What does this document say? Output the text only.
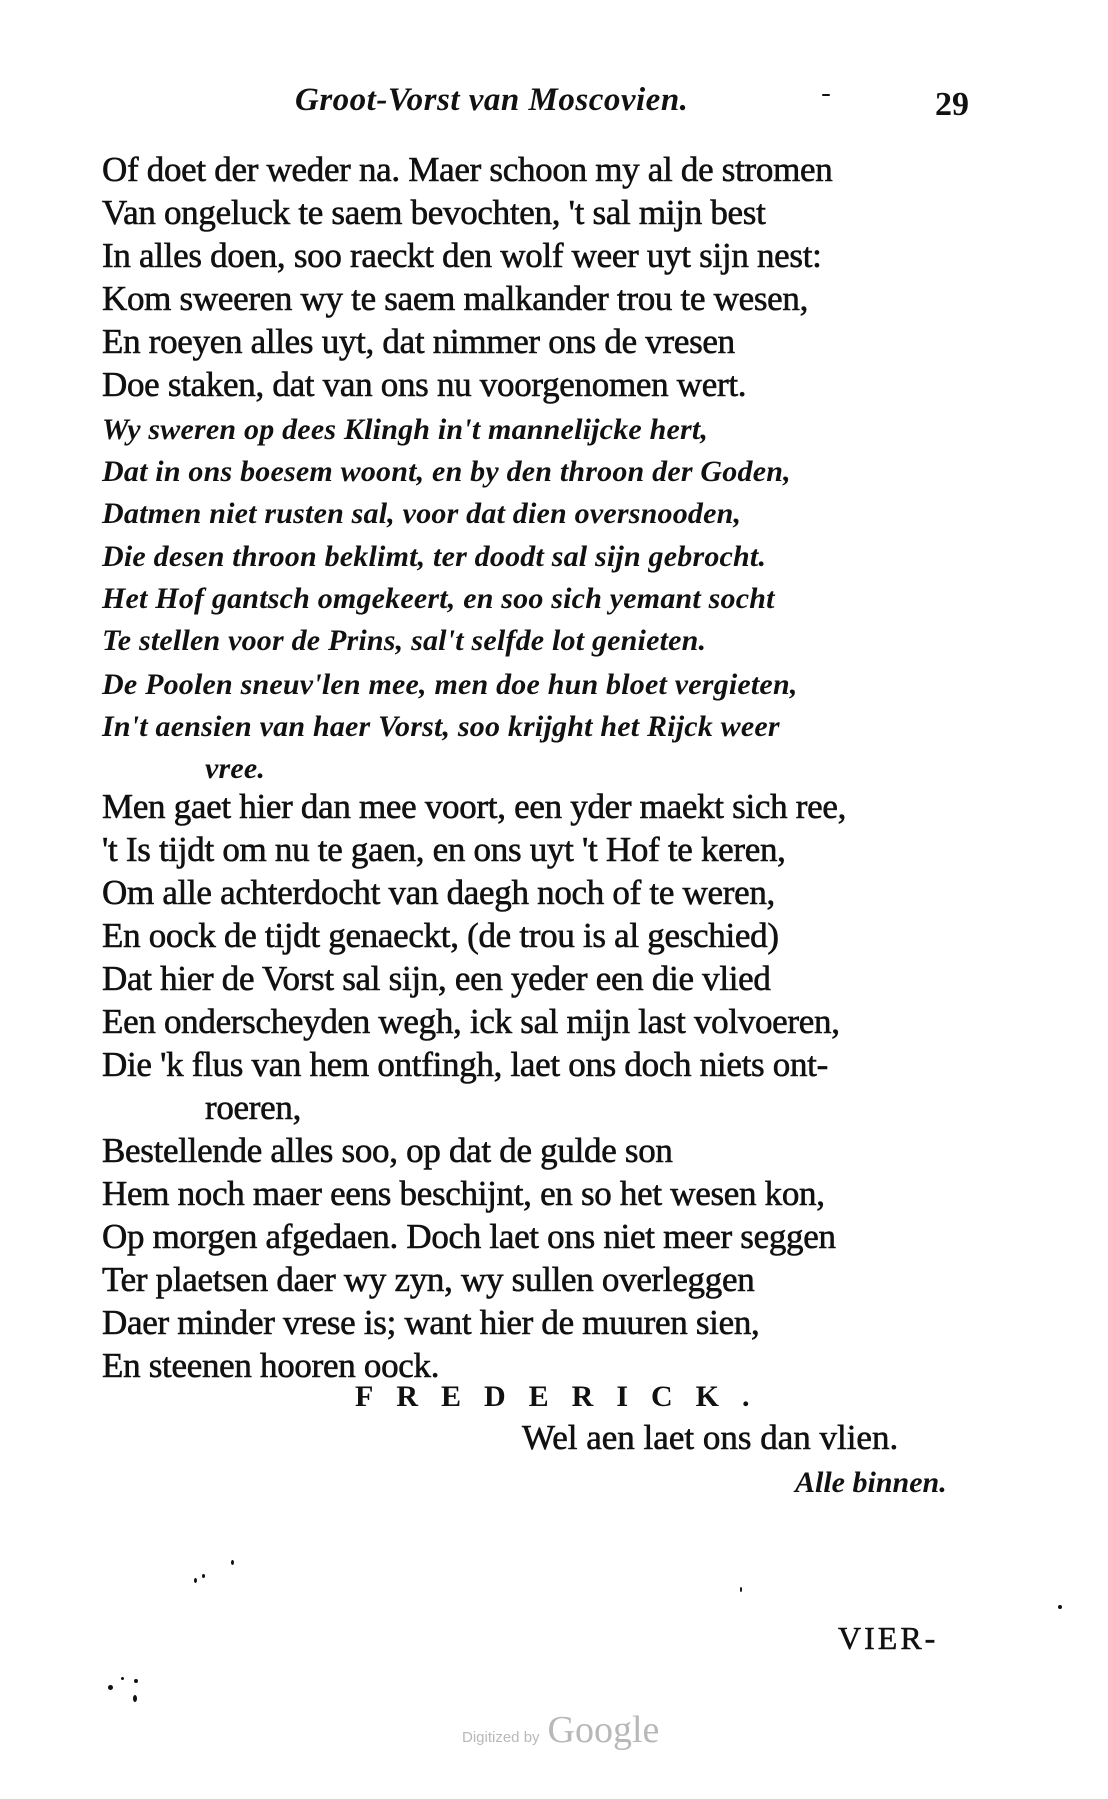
Groot-Vorst van Moscovien.	29
Of doet der weder na. Maer schoon my al de stromen
Van ongeluck te saem bevochten, 't sal mijn best
In alles doen, soo raeckt den wolf weer uyt sijn nest:
Kom sweeren wy te saem malkander trou te wesen,
En roeyen alles uyt, dat nimmer ons de vresen
Doe staken, dat van ons nu voorgenomen wert.
Wy sweren op dees Klingh in't mannelijcke hert,
Dat in ons boesem woont, en by den throon der Goden,
Datmen niet rusten sal, voor dat dien oversnooden,
Die desen throon beklimt, ter doodt sal sijn gebrocht.
Het Hof gantsch omgekeert, en soo sich yemant socht
Te stellen voor de Prins, sal't selfde lot genieten.
De Poolen sneuv'len mee, men doe hun bloet vergieten,
In't aensien van haer Vorst, soo krijght het Rijck weer
vree.
Men gaet hier dan mee voort, een yder maekt sich ree,
't Is tijdt om nu te gaen, en ons uyt 't Hof te keren,
Om alle achterdocht van daegh noch of te weren,
En oock de tijdt genaeckt, (de trou is al geschied)
Dat hier de Vorst sal sijn, een yeder een die vlied
Een onderscheyden wegh, ick sal mijn last volvoeren,
Die 'k flus van hem ontfingh, laet ons doch niets ont-
roeren,
Bestellende alles soo, op dat de gulde son
Hem noch maer eens beschijnt, en so het wesen kon,
Op morgen afgedaen. Doch laet ons niet meer seggen
Ter plaetsen daer wy zyn, wy sullen overleggen
Daer minder vrese is; want hier de muuren sien,
En steenen hooren oock.
FREDERICK.
Wel aen laet ons dan vlien.
Alle binnen.
VIER-
Digitized by Google
